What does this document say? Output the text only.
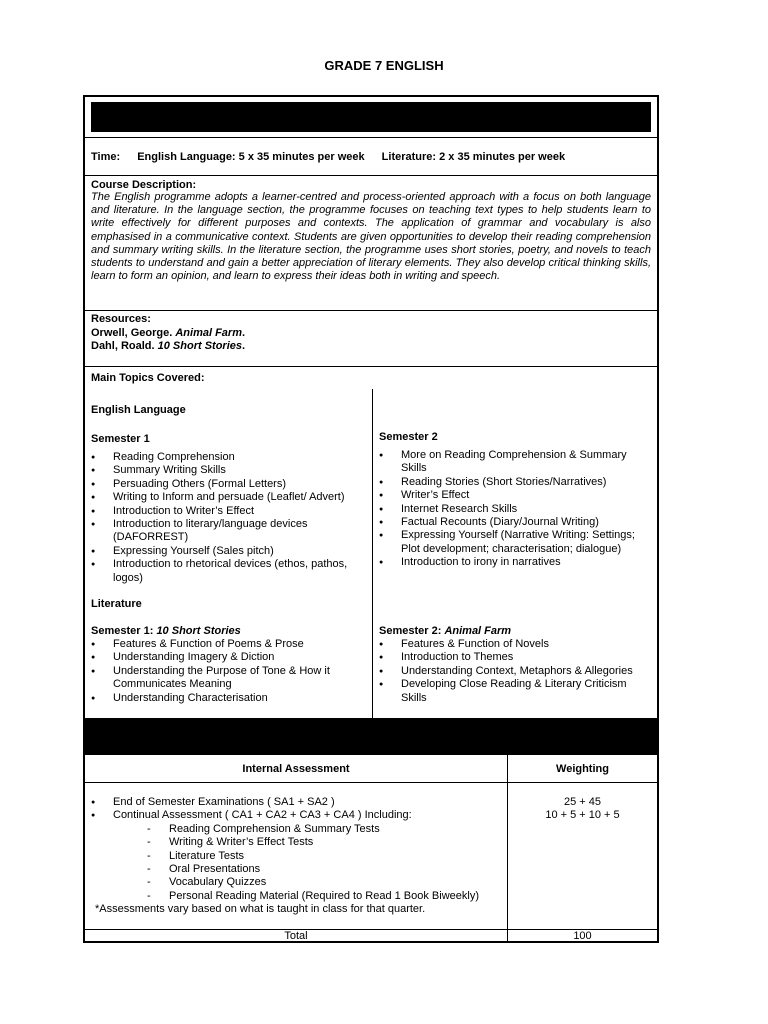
GRADE 7 ENGLISH
Time: English Language: 5 x 35 minutes per week Literature: 2 x 35 minutes per week
Course Description:
The English programme adopts a learner-centred and process-oriented approach with a focus on both language and literature. In the language section, the programme focuses on teaching text types to help students learn to write effectively for different purposes and contexts. The application of grammar and vocabulary is also emphasised in a communicative context. Students are given opportunities to develop their reading comprehension and summary writing skills. In the literature section, the programme uses short stories, poetry, and novels to teach students to understand and gain a better appreciation of literary elements. They also develop critical thinking skills, learn to form an opinion, and learn to express their ideas both in writing and speech.
Resources:
Orwell, George. Animal Farm.
Dahl, Roald. 10 Short Stories.
Main Topics Covered:
English Language
Semester 1
● Reading Comprehension
● Summary Writing Skills
● Persuading Others (Formal Letters)
● Writing to Inform and persuade (Leaflet/ Advert)
● Introduction to Writer’s Effect
● Introduction to literary/language devices (DAFORREST)
● Expressing Yourself (Sales pitch)
● Introduction to rhetorical devices (ethos, pathos, logos)
Semester 2
● More on Reading Comprehension & Summary Skills
● Reading Stories (Short Stories/Narratives)
● Writer’s Effect
● Internet Research Skills
● Factual Recounts (Diary/Journal Writing)
● Expressing Yourself (Narrative Writing: Settings; Plot development; characterisation; dialogue)
● Introduction to irony in narratives
Literature
Semester 1: 10 Short Stories
● Features & Function of Poems & Prose
● Understanding Imagery & Diction
● Understanding the Purpose of Tone & How it Communicates Meaning
● Understanding Characterisation
Semester 2: Animal Farm
● Features & Function of Novels
● Introduction to Themes
● Understanding Context, Metaphors & Allegories
● Developing Close Reading & Literary Criticism Skills
Internal Assessment	Weighting
● End of Semester Examinations ( SA1 + SA2 )
● Continual Assessment ( CA1 + CA2 + CA3 + CA4 ) Including:
- Reading Comprehension & Summary Tests
- Writing & Writer’s Effect Tests
- Literature Tests
- Oral Presentations
- Vocabulary Quizzes
- Personal Reading Material (Required to Read 1 Book Biweekly)
*Assessments vary based on what is taught in class for that quarter.
25 + 45
10 + 5 + 10 + 5
Total	100
